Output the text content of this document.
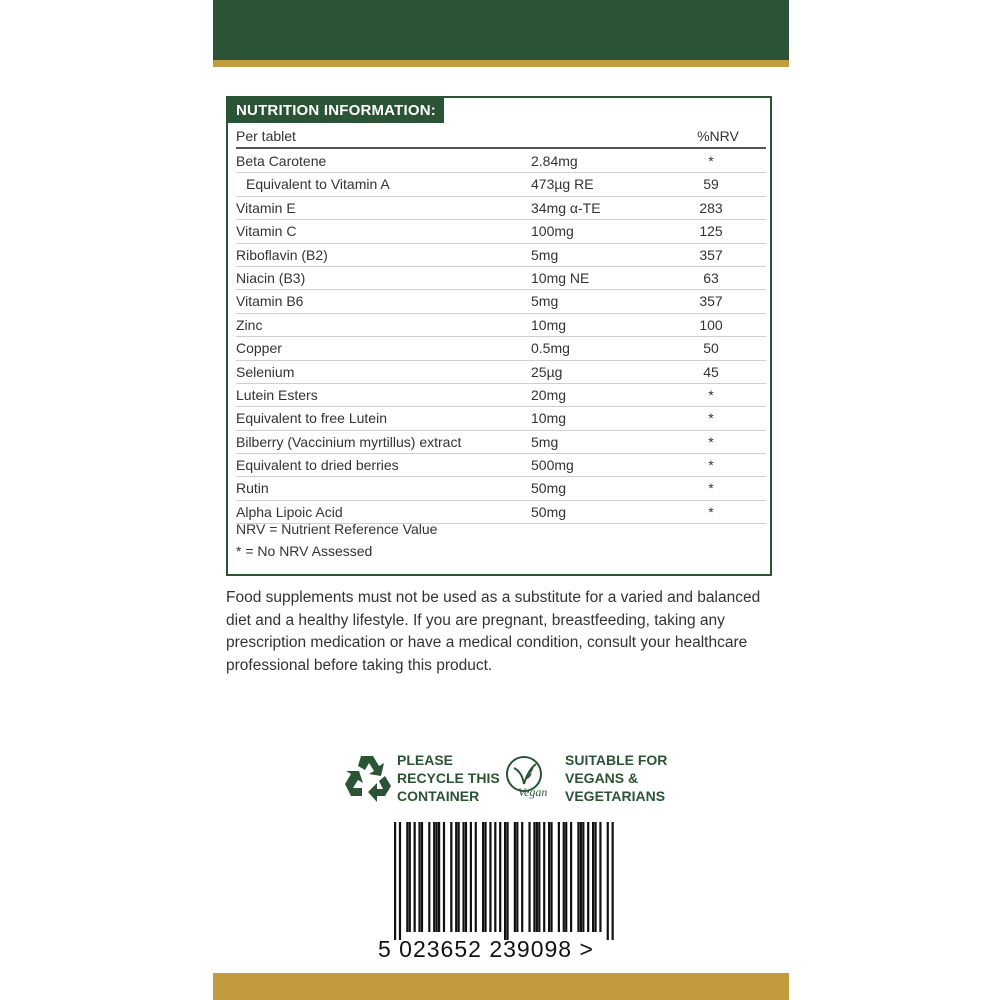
NUTRITION INFORMATION:
Per tablet	%NRV
Beta Carotene	2.84mg	*
Equivalent to Vitamin A	473µg RE	59
Vitamin E	34mg α-TE	283
Vitamin C	100mg	125
Riboflavin (B2)	5mg	357
Niacin (B3)	10mg NE	63
Vitamin B6	5mg	357
Zinc	10mg	100
Copper	0.5mg	50
Selenium	25µg	45
Lutein Esters	20mg	*
Equivalent to free Lutein	10mg	*
Bilberry (Vaccinium myrtillus) extract	5mg	*
Equivalent to dried berries	500mg	*
Rutin	50mg	*
Alpha Lipoic Acid	50mg	*
NRV = Nutrient Reference Value
* = No NRV Assessed
Food supplements must not be used as a substitute for a varied and balanced diet and a healthy lifestyle. If you are pregnant, breastfeeding, taking any prescription medication or have a medical condition, consult your healthcare professional before taking this product.
PLEASE
RECYCLE THIS
CONTAINER	Vegan
SUITABLE FOR
VEGANS &
VEGETARIANS
5 023652 239098 >
